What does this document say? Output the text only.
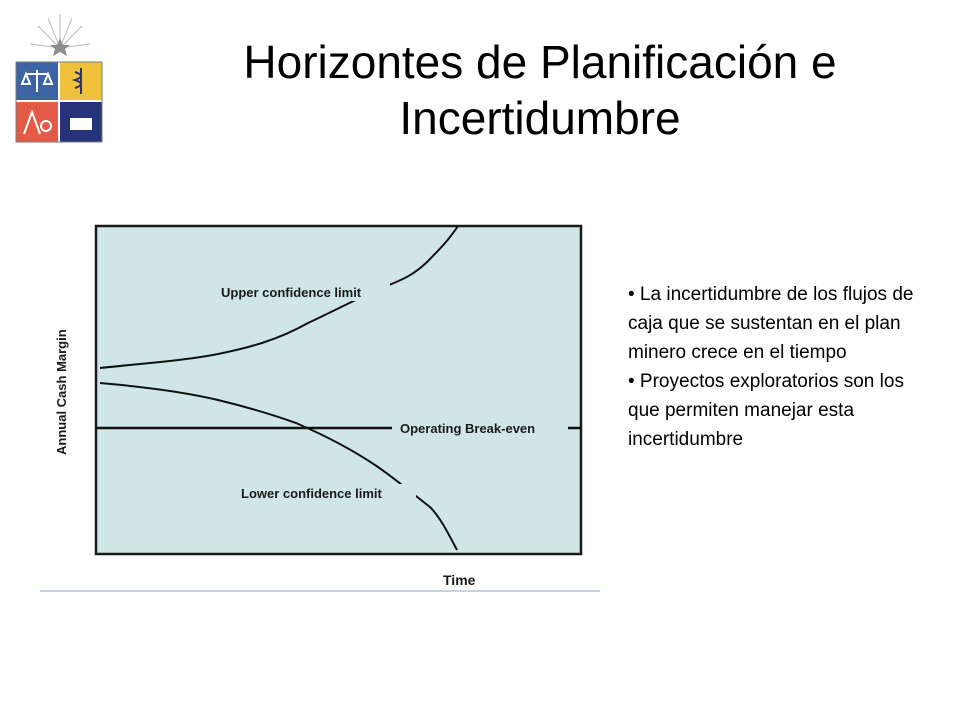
Horizontes de Planificación e
Incertidumbre
Upper confidence limit
Operating Break-even
Lower confidence limit
Annual Cash Margin
Time

• La incertidumbre de los flujos de caja que se sustentan en el plan minero crece en el tiempo

• Proyectos exploratorios son los que permiten manejar esta incertidumbre
